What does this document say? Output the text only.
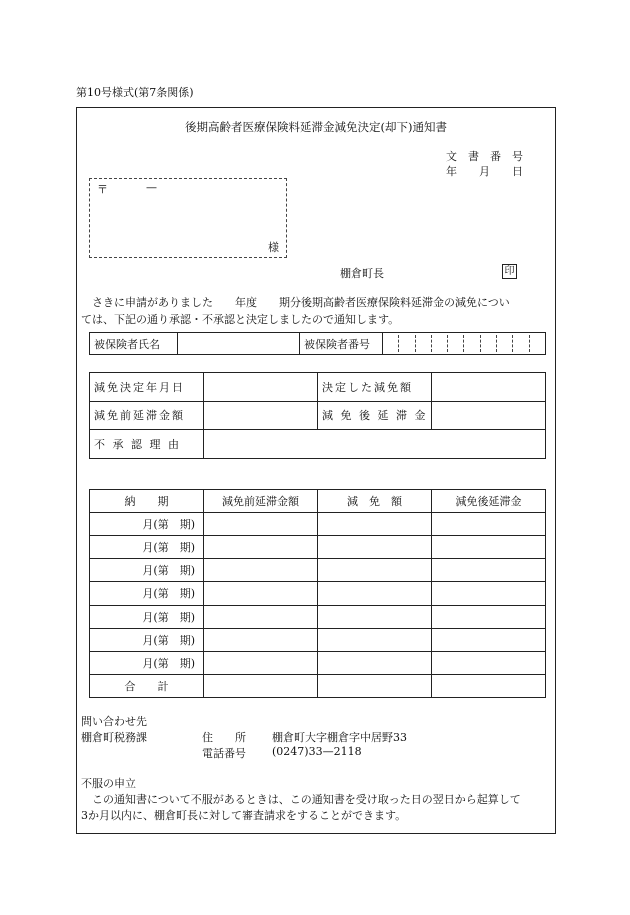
第10号様式(第7条関係)
後期高齢者医療保険料延滞金減免決定(却下)通知書
文　書　番　号
年　　月　　日
〒	—
様
棚倉町長	印
さきに申請がありました　　年度　　期分後期高齢者医療保険料延滞金の減免につい
ては、下記の通り承認・不承認と決定しましたので通知します。
被保険者氏名		被保険者番号	
減免決定年月日		決定した減免額	
減免前延滞金額		減 免 後 延 滞 金	
不 承 認 理 由			
納　　期	減免前延滞金額	減　免　額	減免後延滞金
月(第　期)			
月(第　期)			
月(第　期)			
月(第　期)			
月(第　期)			
月(第　期)			
月(第　期)			
合　　計			
問い合わせ先
棚倉町税務課	住　　所 棚倉町大字棚倉字中居野33
電話番号 (0247)33—2118
不服の申立
この通知書について不服があるときは、この通知書を受け取った日の翌日から起算して
3か月以内に、棚倉町長に対して審査請求をすることができます。
